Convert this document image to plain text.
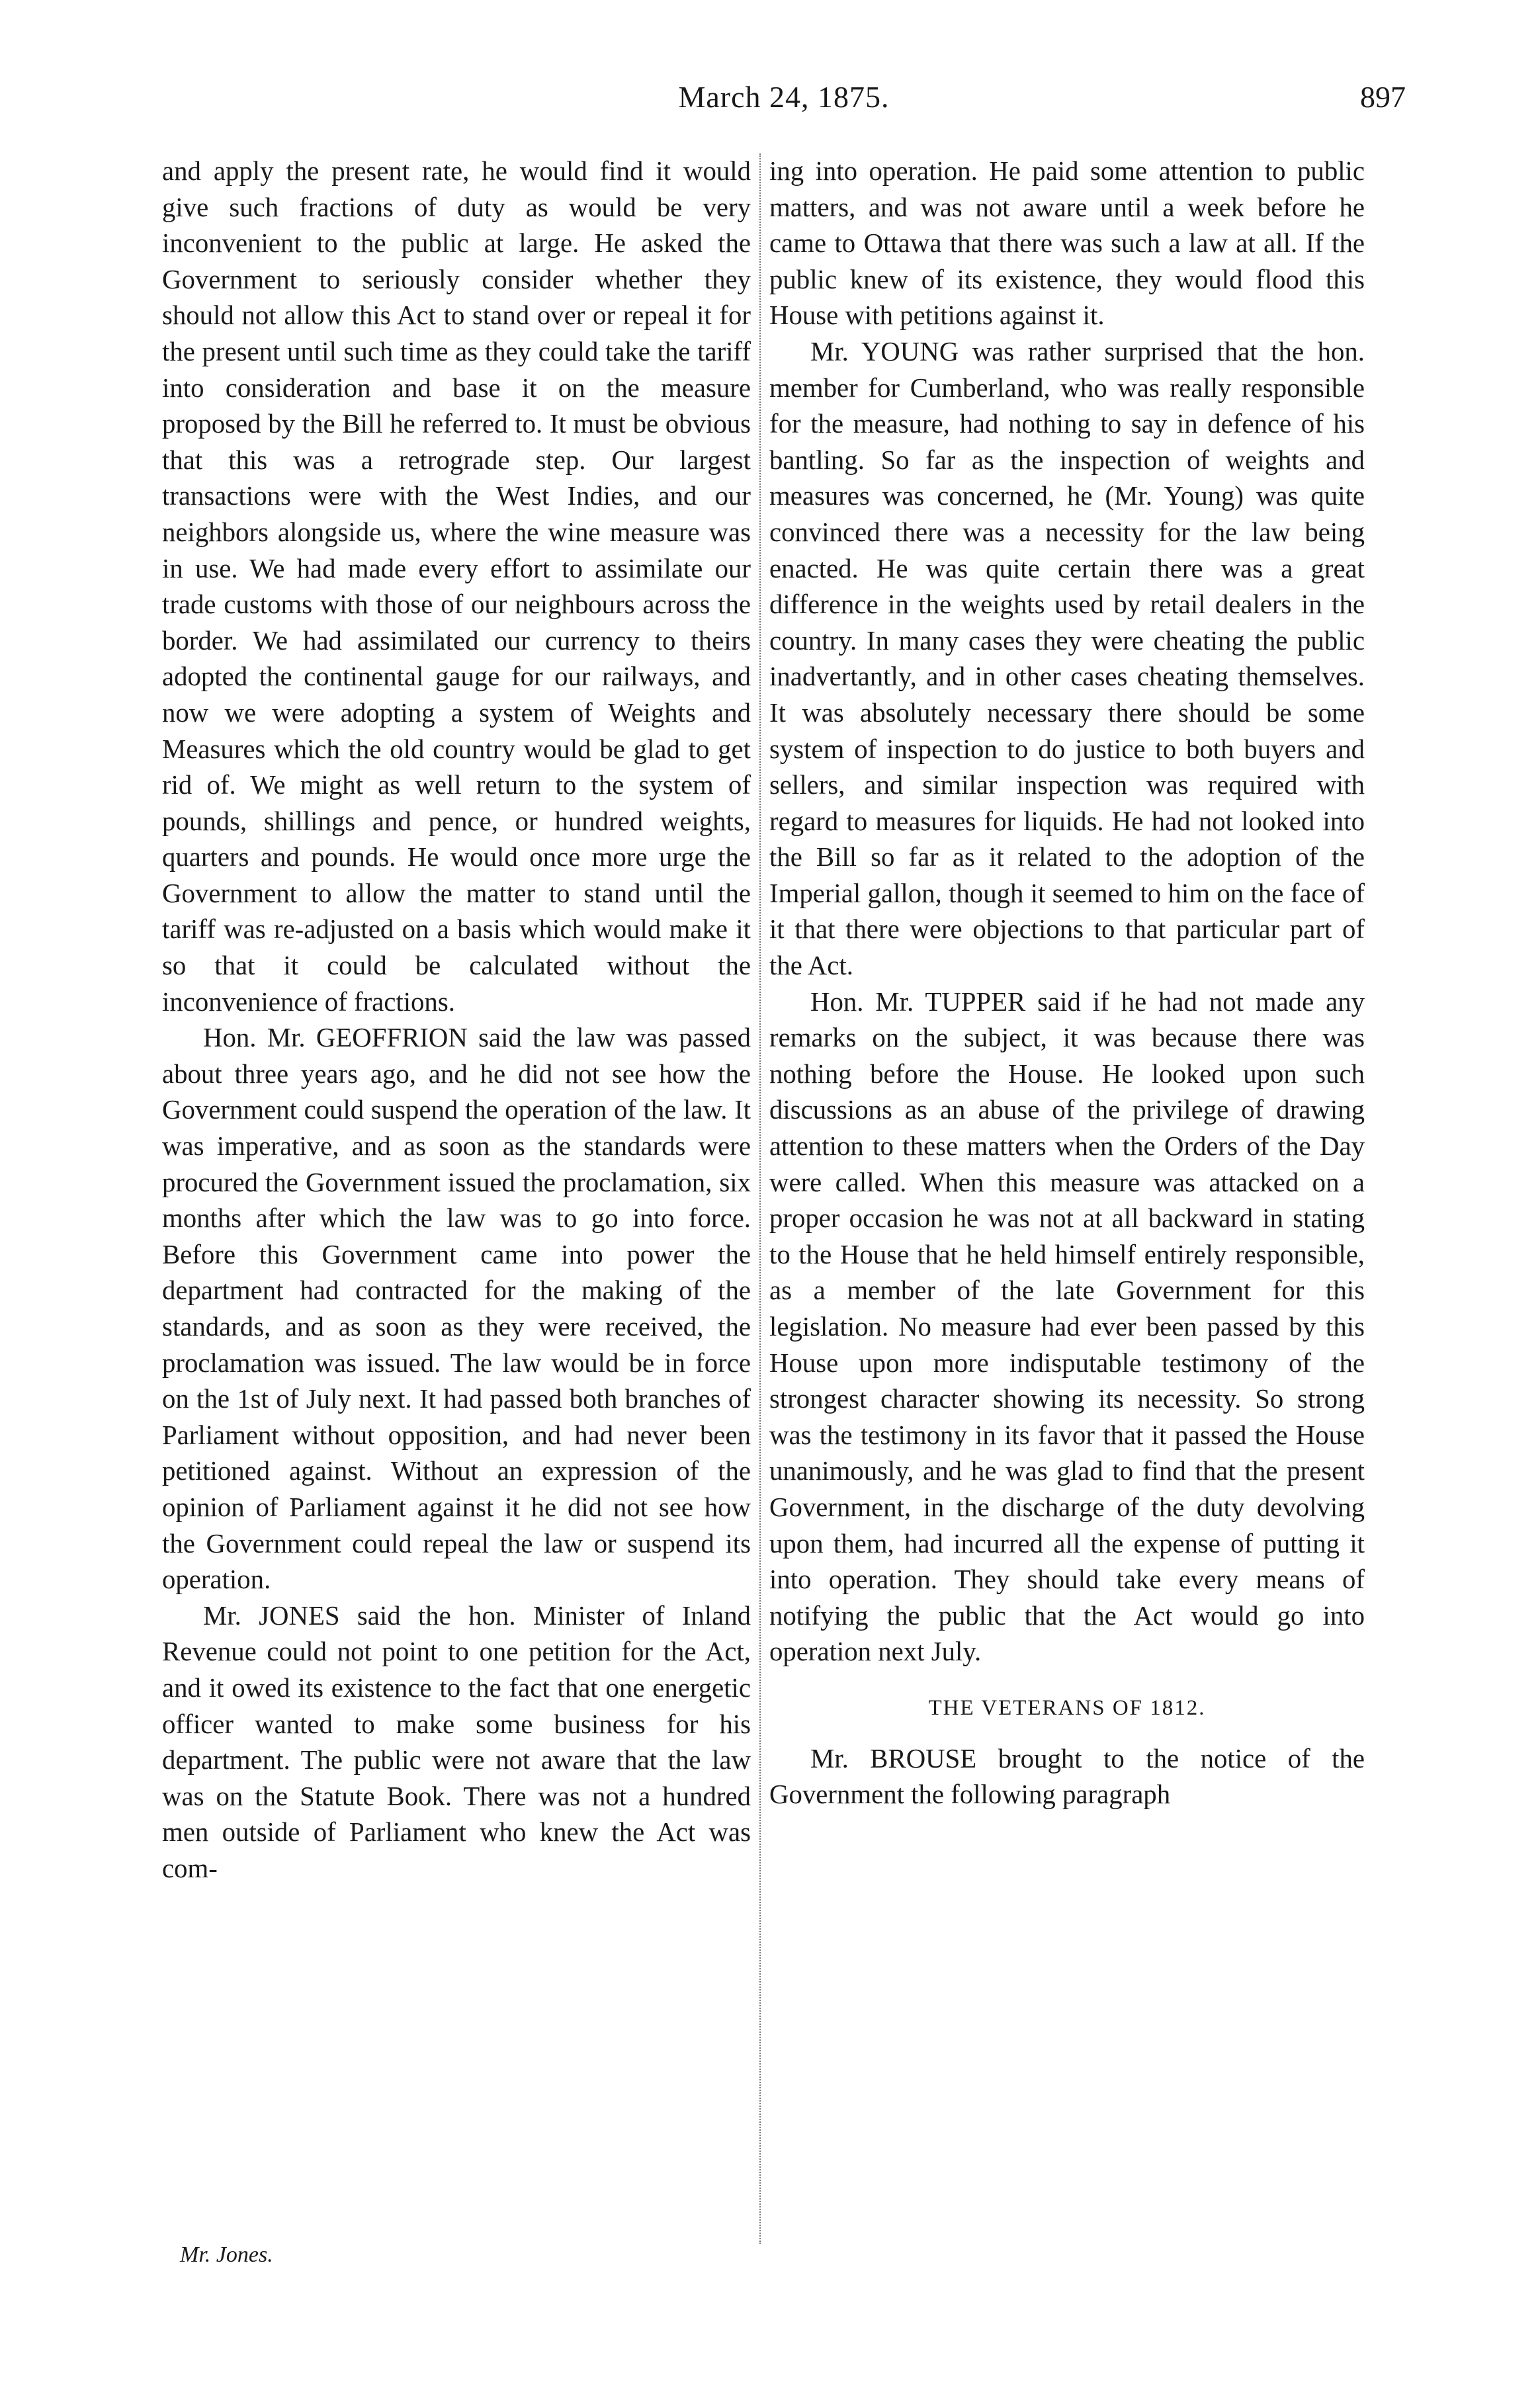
March 24, 1875.	897

and apply the present rate, he would find it would give such fractions of duty as would be very inconvenient to the public at large. He asked the Government to seriously consider whether they should not allow this Act to stand over or repeal it for the present until such time as they could take the tariff into consideration and base it on the measure proposed by the Bill he referred to. It must be obvious that this was a retrograde step. Our largest transactions were with the West Indies, and our neighbors alongside us, where the wine measure was in use. We had made every effort to assimilate our trade customs with those of our neighbours across the border. We had assimilated our currency to theirs adopted the continental gauge for our railways, and now we were adopting a system of Weights and Measures which the old country would be glad to get rid of. We might as well return to the system of pounds, shillings and pence, or hundred weights, quarters and pounds. He would once more urge the Government to allow the matter to stand until the tariff was re-adjusted on a basis which would make it so that it could be calculated without the inconvenience of fractions.

Hon. Mr. GEOFFRION said the law was passed about three years ago, and he did not see how the Government could suspend the operation of the law. It was imperative, and as soon as the standards were procured the Government issued the proclamation, six months after which the law was to go into force. Before this Government came into power the department had contracted for the making of the standards, and as soon as they were received, the proclamation was issued. The law would be in force on the 1st of July next. It had passed both branches of Parliament without opposition, and had never been petitioned against. Without an expression of the opinion of Parliament against it he did not see how the Government could repeal the law or suspend its operation.

Mr. JONES said the hon. Minister of Inland Revenue could not point to one petition for the Act, and it owed its existence to the fact that one energetic officer wanted to make some business for his department. The public were not aware that the law was on the Statute Book. There was not a hundred men outside of Parliament who knew the Act was com-

ing into operation. He paid some attention to public matters, and was not aware until a week before he came to Ottawa that there was such a law at all. If the public knew of its existence, they would flood this House with petitions against it.

Mr. YOUNG was rather surprised that the hon. member for Cumberland, who was really responsible for the measure, had nothing to say in defence of his bantling. So far as the inspection of weights and measures was concerned, he (Mr. Young) was quite convinced there was a necessity for the law being enacted. He was quite certain there was a great difference in the weights used by retail dealers in the country. In many cases they were cheating the public inadvertantly, and in other cases cheating themselves. It was absolutely necessary there should be some system of inspection to do justice to both buyers and sellers, and similar inspection was required with regard to measures for liquids. He had not looked into the Bill so far as it related to the adoption of the Imperial gallon, though it seemed to him on the face of it that there were objections to that particular part of the Act.

Hon. Mr. TUPPER said if he had not made any remarks on the subject, it was because there was nothing before the House. He looked upon such discussions as an abuse of the privilege of drawing attention to these matters when the Orders of the Day were called. When this measure was attacked on a proper occasion he was not at all backward in stating to the House that he held himself entirely responsible, as a member of the late Government for this legislation. No measure had ever been passed by this House upon more indisputable testimony of the strongest character showing its necessity. So strong was the testimony in its favor that it passed the House unanimously, and he was glad to find that the present Government, in the discharge of the duty devolving upon them, had incurred all the expense of putting it into operation. They should take every means of notifying the public that the Act would go into operation next July.

THE VETERANS OF 1812.

Mr. BROUSE brought to the notice of the Government the following paragraph

Mr. Jones.
